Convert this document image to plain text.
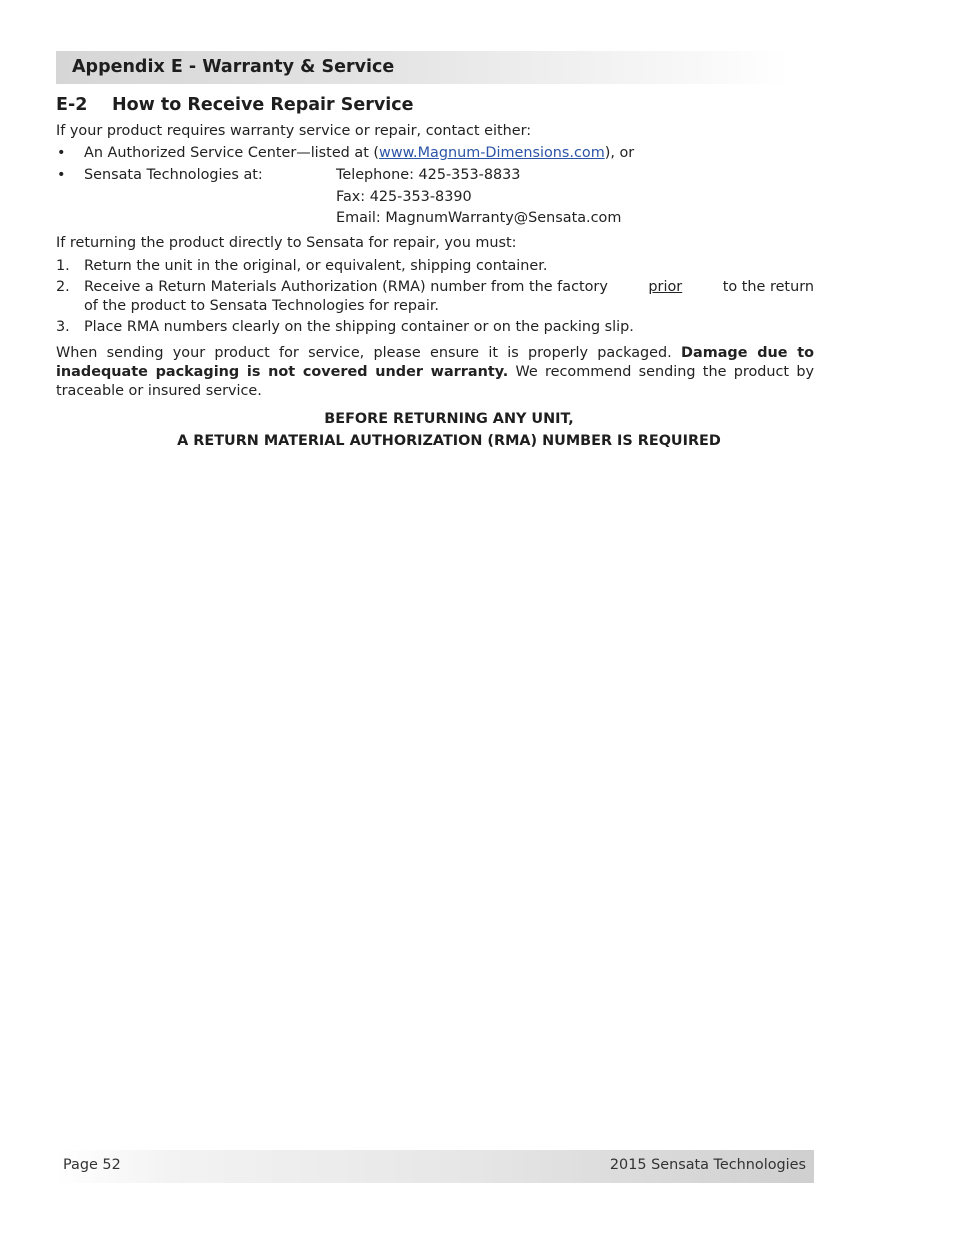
Appendix E - Warranty & Service
E-2 How to Receive Repair Service
If your product requires warranty service or repair, contact either:
• An Authorized Service Center—listed at (www.Magnum-Dimensions.com), or
• Sensata Technologies at:	Telephone: 425-353-8833
Fax: 425-353-8390
Email: MagnumWarranty@Sensata.com
If returning the product directly to Sensata for repair, you must:
1. Return the unit in the original, or equivalent, shipping container.
2. Receive a Return Materials Authorization (RMA) number from the factory	prior	to the return
of the product to Sensata Technologies for repair.
3. Place RMA numbers clearly on the shipping container or on the packing slip.
When sending your product for service, please ensure it is properly packaged. Damage due to inadequate packaging is not covered under warranty. We recommend sending the product by traceable or insured service.
BEFORE RETURNING ANY UNIT,
A RETURN MATERIAL AUTHORIZATION (RMA) NUMBER IS REQUIRED
Page 52	2015 Sensata Technologies
